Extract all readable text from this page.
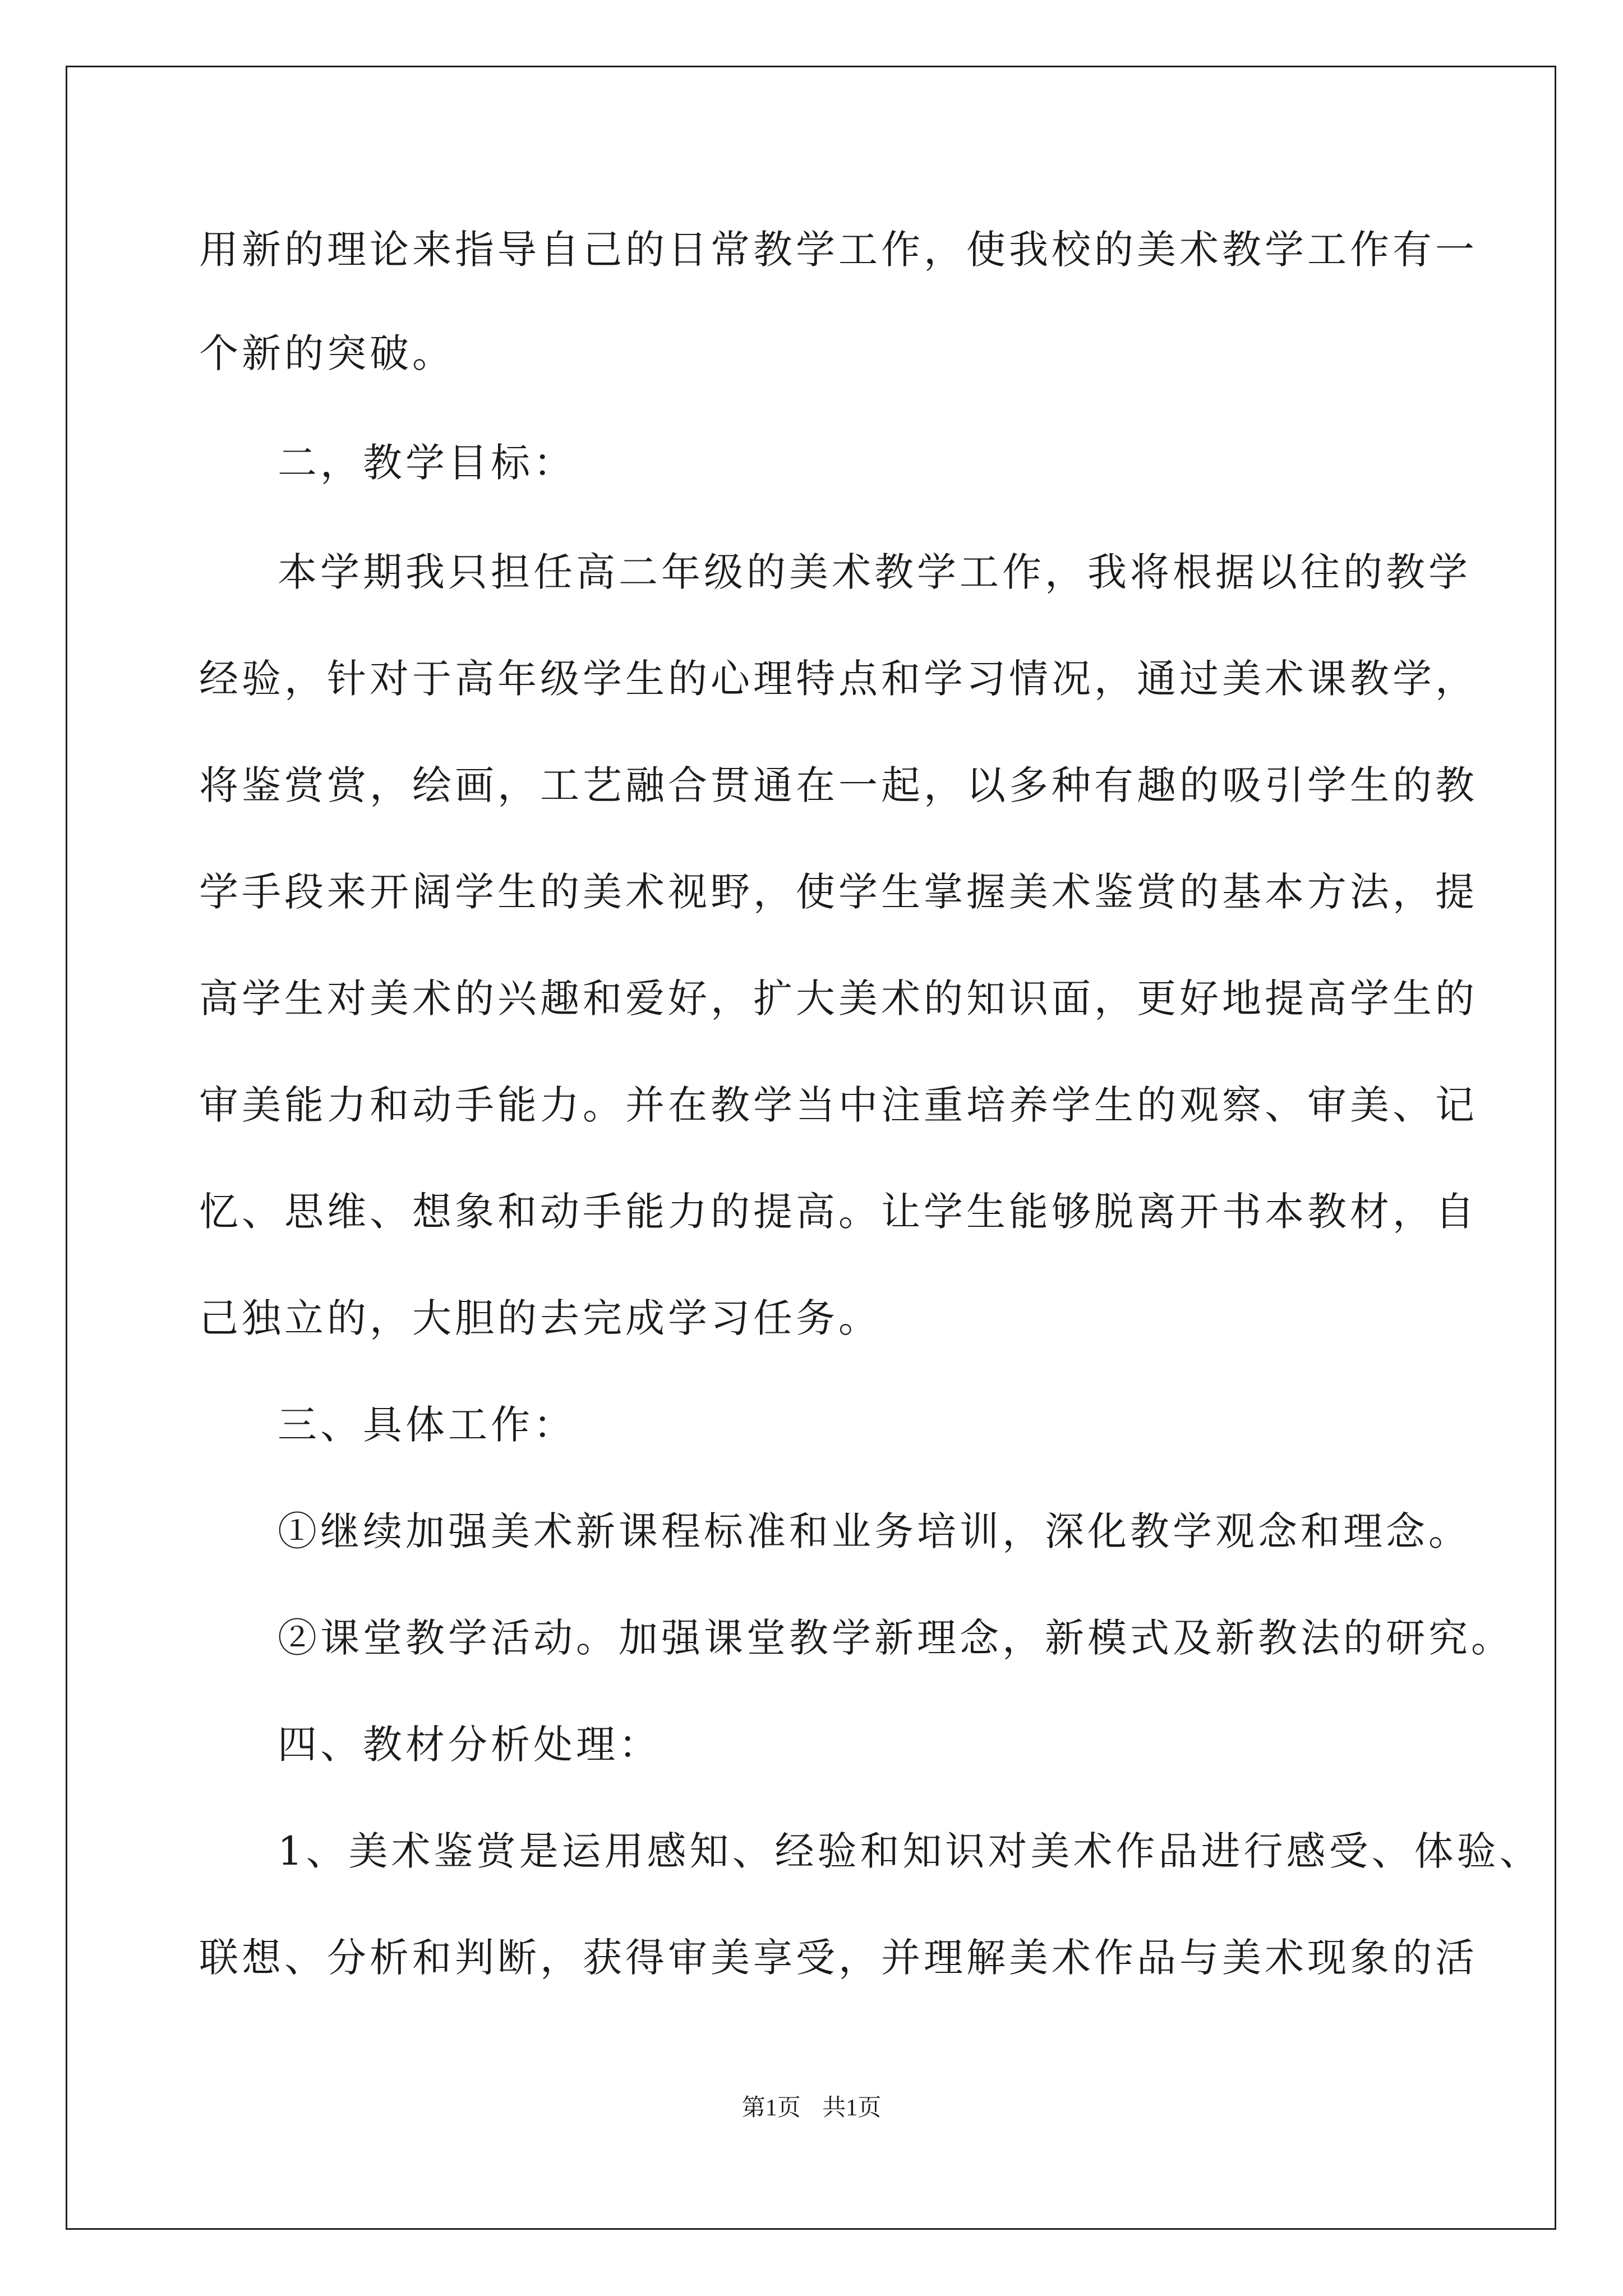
用新的理论来指导自己的日常教学工作，使我校的美术教学工作有一
个新的突破。
二，教学目标：
本学期我只担任高二年级的美术教学工作，我将根据以往的教学
经验，针对于高年级学生的心理特点和学习情况，通过美术课教学，
将鉴赏赏，绘画，工艺融合贯通在一起，以多种有趣的吸引学生的教
学手段来开阔学生的美术视野，使学生掌握美术鉴赏的基本方法，提
高学生对美术的兴趣和爱好，扩大美术的知识面，更好地提高学生的
审美能力和动手能力。并在教学当中注重培养学生的观察、审美、记
忆、思维、想象和动手能力的提高。让学生能够脱离开书本教材，自
己独立的，大胆的去完成学习任务。
三、具体工作：
①继续加强美术新课程标准和业务培训，深化教学观念和理念。
②课堂教学活动。加强课堂教学新理念，新模式及新教法的研究。
四、教材分析处理：
1、美术鉴赏是运用感知、经验和知识对美术作品进行感受、体验、
联想、分析和判断，获得审美享受，并理解美术作品与美术现象的活
第1页 共1页
